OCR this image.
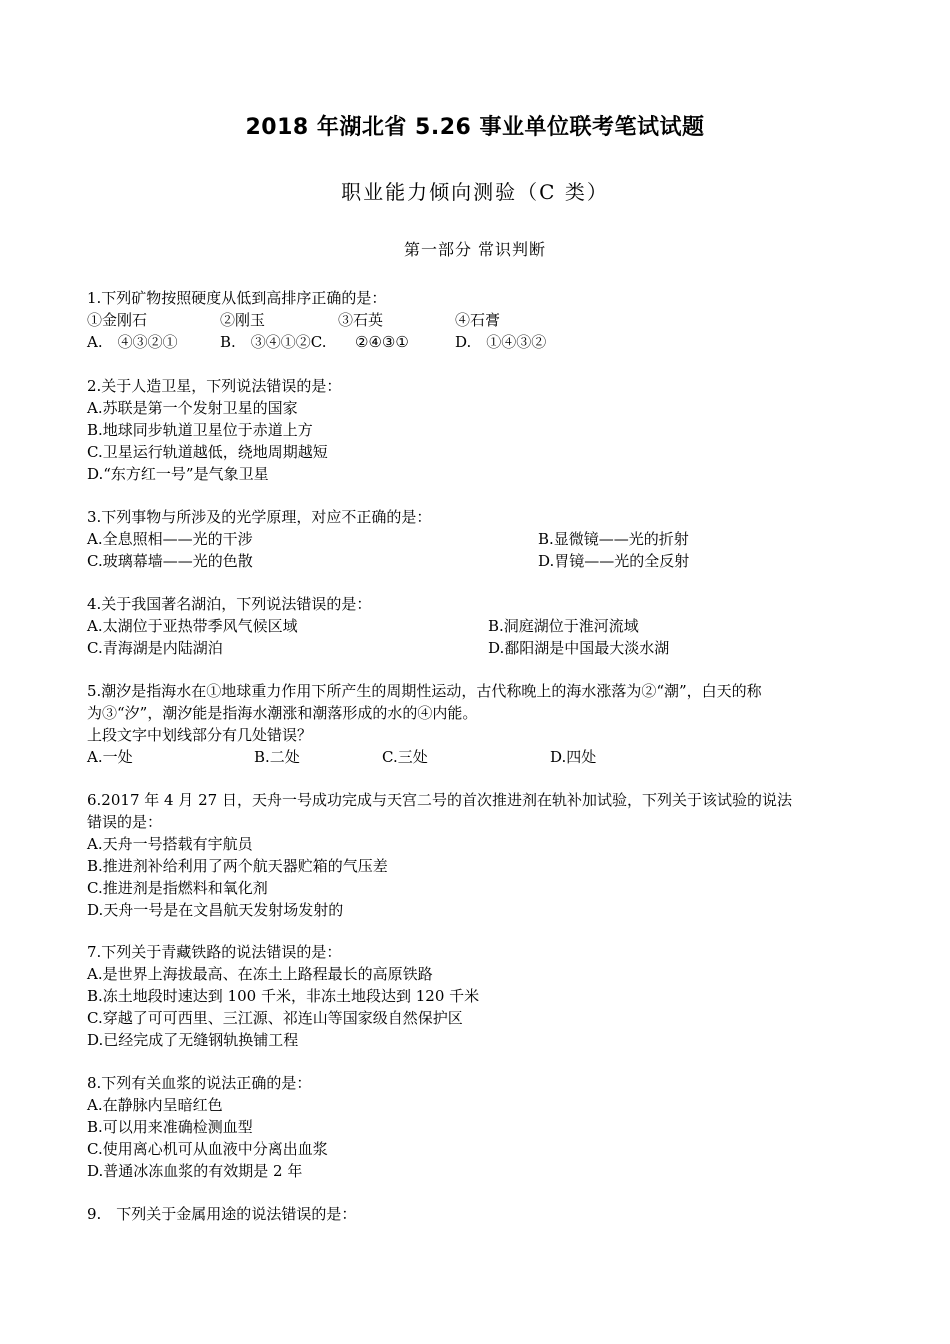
2018 年湖北省 5.26 事业单位联考笔试试题
职业能力倾向测验（C 类）
第一部分 常识判断
1.下列矿物按照硬度从低到高排序正确的是：
①金刚石	②刚玉	③石英	④石膏
A.　④③②①	B.　③④①②C. ②④③①	D.　①④③②
2.关于人造卫星，下列说法错误的是：
A.苏联是第一个发射卫星的国家
B.地球同步轨道卫星位于赤道上方
C.卫星运行轨道越低，绕地周期越短
D.“东方红一号”是气象卫星
3.下列事物与所涉及的光学原理，对应不正确的是：
A.全息照相——光的干涉	B.显微镜——光的折射
C.玻璃幕墙——光的色散	D.胃镜——光的全反射
4.关于我国著名湖泊，下列说法错误的是：
A.太湖位于亚热带季风气候区域	B.洞庭湖位于淮河流域
C.青海湖是内陆湖泊	D.鄱阳湖是中国最大淡水湖
5.潮汐是指海水在①地球重力作用下所产生的周期性运动，古代称晚上的海水涨落为②“潮”，白天的称
为③“汐”，潮汐能是指海水潮涨和潮落形成的水的④内能。
上段文字中划线部分有几处错误？
A.一处	B.二处	C.三处	D.四处
6.2017 年 4 月 27 日，天舟一号成功完成与天宫二号的首次推进剂在轨补加试验，下列关于该试验的说法
错误的是：
A.天舟一号搭载有宇航员
B.推进剂补给利用了两个航天器贮箱的气压差
C.推进剂是指燃料和氧化剂
D.天舟一号是在文昌航天发射场发射的
7.下列关于青藏铁路的说法错误的是：
A.是世界上海拔最高、在冻土上路程最长的高原铁路
B.冻土地段时速达到 100 千米，非冻土地段达到 120 千米
C.穿越了可可西里、三江源、祁连山等国家级自然保护区
D.已经完成了无缝钢轨换铺工程
8.下列有关血浆的说法正确的是：
A.在静脉内呈暗红色
B.可以用来准确检测血型
C.使用离心机可从血液中分离出血浆
D.普通冰冻血浆的有效期是 2 年
9.　下列关于金属用途的说法错误的是：
